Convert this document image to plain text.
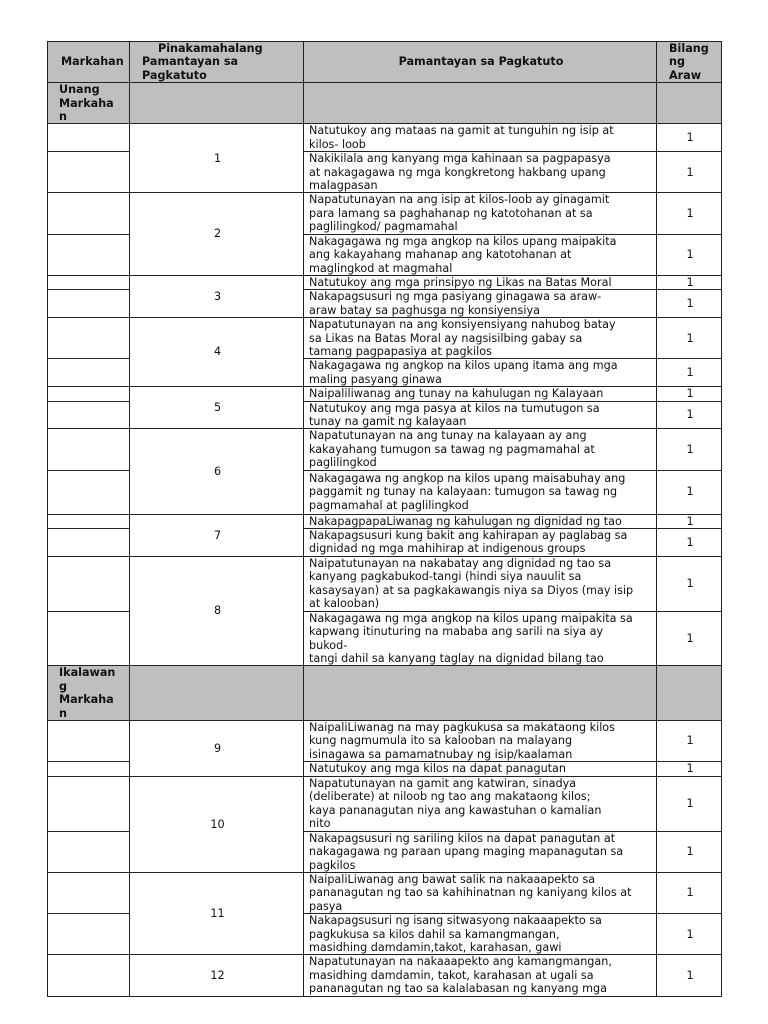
Markahan	Pinakamahalang
Pamantayan sa
Pagkatuto	Pamantayan sa Pagkatuto	Bilang
ng
Araw

Unang
Markaha
n			

	1	Natutukoy ang mataas na gamit at tunguhin ng isip at
kilos- loob	1

		Nakikilala ang kanyang mga kahinaan sa pagpapasya
at nakagagawa ng mga kongkretong hakbang upang
malagpasan	1
	2	Napatutunayan na ang isip at kilos-loob ay ginagamit
para lamang sa paghahanap ng katotohanan at sa
paglilingkod/ pagmamahal	1

		Nakagagawa ng mga angkop na kilos upang maipakita
ang kakayahang mahanap ang katotohanan at
maglingkod at magmahal	1
	3	Natutukoy ang mga prinsipyo ng Likas na Batas Moral	1

		Nakapagsusuri ng mga pasiyang ginagawa sa araw-
araw batay sa paghusga ng konsiyensiya	1
	4	Napatutunayan na ang konsiyensiyang nahubog batay
sa Likas na Batas Moral ay nagsisilbing gabay sa
tamang pagpapasiya at pagkilos	1

		Nakagagawa ng angkop na kilos upang itama ang mga
maling pasyang ginawa	1
	5	Naipaliliwanag ang tunay na kahulugan ng Kalayaan	1

		Natutukoy ang mga pasya at kilos na tumutugon sa
tunay na gamit ng kalayaan	1
	6	Napatutunayan na ang tunay na kalayaan ay ang
kakayahang tumugon sa tawag ng pagmamahal at
paglilingkod	1

		Nakagagawa ng angkop na kilos upang maisabuhay ang
paggamit ng tunay na kalayaan: tumugon sa tawag ng
pagmamahal at paglilingkod	1
	7	NakapagpapaLiwanag ng kahulugan ng dignidad ng tao	1

		Nakapagsusuri kung bakit ang kahirapan ay paglabag sa
dignidad ng mga mahihirap at indigenous groups	1
	8	Naipatutunayan na nakabatay ang dignidad ng tao sa
kanyang pagkabukod-tangi (hindi siya nauulit sa
kasaysayan) at sa pagkakawangis niya sa Diyos (may isip
at kalooban)	1

		Nakagagawa ng mga angkop na kilos upang maipakita sa
kapwang itinuturing na mababa ang sarili na siya ay
bukod-
tangi dahil sa kanyang taglay na dignidad bilang tao	1

Ikalawan
g
Markaha
n			

	9	NaipaliLiwanag na may pagkukusa sa makataong kilos
kung nagmumula ito sa kalooban na malayang
isinagawa sa pamamatnubay ng isip/kaalaman	1

		Natutukoy ang mga kilos na dapat panagutan	1
	10	Napatutunayan na gamit ang katwiran, sinadya
(deliberate) at niloob ng tao ang makataong kilos;
kaya pananagutan niya ang kawastuhan o kamalian
nito	1

		Nakapagsusuri ng sariling kilos na dapat panagutan at
nakagagawa ng paraan upang maging mapanagutan sa
pagkilos	1
	11	NaipaliLiwanag ang bawat salik na nakaaapekto sa
pananagutan ng tao sa kahihinatnan ng kaniyang kilos at
pasya	1

		Nakapagsusuri ng isang sitwasyong nakaaapekto sa
pagkukusa sa kilos dahil sa kamangmangan,
masidhing damdamin,takot, karahasan, gawi	1
	12	Napatutunayan na nakaaapekto ang kamangmangan,
masidhing damdamin, takot, karahasan at ugali sa
pananagutan ng tao sa kalalabasan ng kanyang mga	1
